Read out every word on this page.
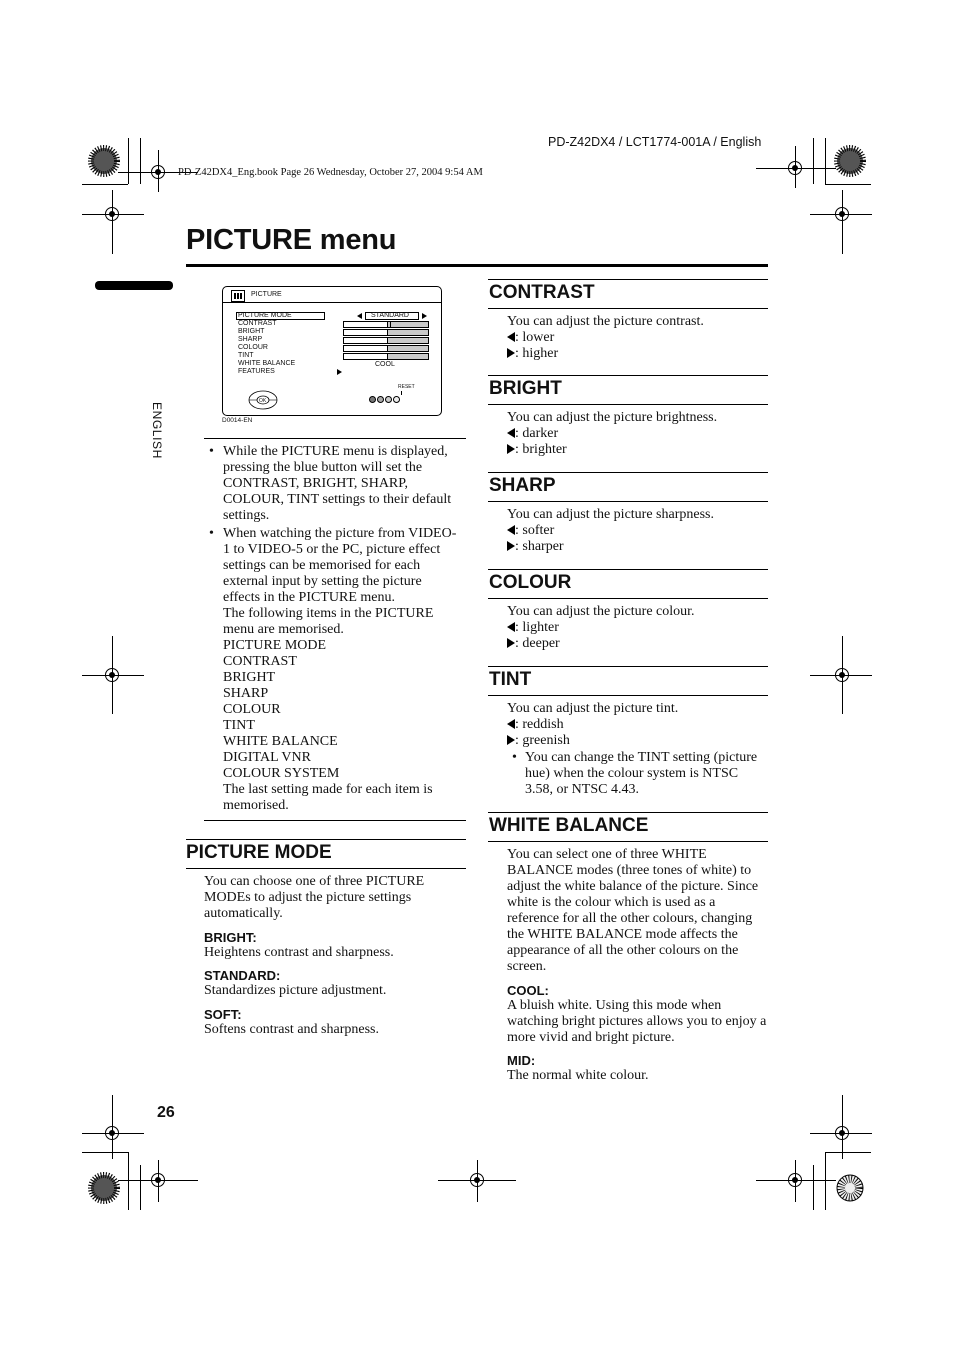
PD-Z42DX4 / LCT1774-001A / English
PD-Z42DX4_Eng.book Page 26 Wednesday, October 27, 2004 9:54 AM
PICTURE menu
ENGLISH
PICTURE
PICTURE MODE
CONTRAST
BRIGHT
SHARP
COLOUR
TINT
WHITE BALANCE
FEATURES
STANDARD
COOL
RESET
OK
D0014-EN
• While the PICTURE menu is displayed, pressing the blue button will set the CONTRAST, BRIGHT, SHARP, COLOUR, TINT settings to their default settings.
• When watching the picture from VIDEO-
1 to VIDEO-5 or the PC, picture effect
settings can be memorised for each
external input by setting the picture
effects in the PICTURE menu.
The following items in the PICTURE
menu are memorised.
PICTURE MODE
CONTRAST
BRIGHT
SHARP
COLOUR
TINT
WHITE BALANCE
DIGITAL VNR
COLOUR SYSTEM
The last setting made for each item is
memorised.
PICTURE MODE
You can choose one of three PICTURE MODEs to adjust the picture settings automatically.
BRIGHT:
Heightens contrast and sharpness.
STANDARD:
Standardizes picture adjustment.
SOFT:
Softens contrast and sharpness.
CONTRAST
You can adjust the picture contrast.
: lower
: higher
BRIGHT
You can adjust the picture brightness.
: darker
: brighter
SHARP
You can adjust the picture sharpness.
: softer
: sharper
COLOUR
You can adjust the picture colour.
: lighter
: deeper
TINT
You can adjust the picture tint.
: reddish
: greenish
• You can change the TINT setting (picture hue) when the colour system is NTSC 3.58, or NTSC 4.43.
WHITE BALANCE
You can select one of three WHITE BALANCE modes (three tones of white) to adjust the white balance of the picture. Since white is the colour which is used as a reference for all the other colours, changing the WHITE BALANCE mode affects the appearance of all the other colours on the screen.
COOL:
A bluish white. Using this mode when watching bright pictures allows you to enjoy a more vivid and bright picture.
MID:
The normal white colour.
26
